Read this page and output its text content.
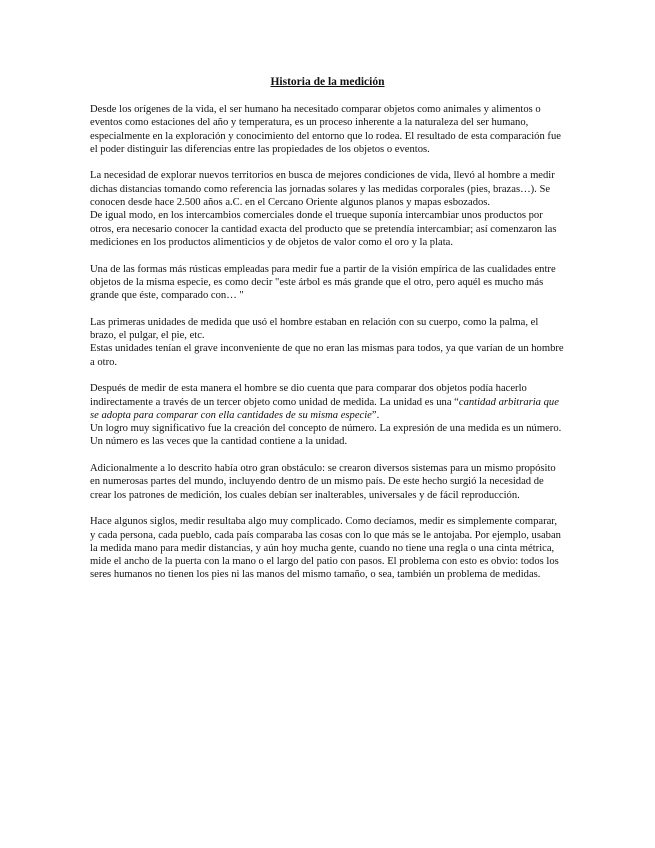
Historia de la medición

Desde los orígenes de la vida, el ser humano ha necesitado comparar objetos como animales y alimentos o eventos como estaciones del año y temperatura, es un proceso inherente a la naturaleza del ser humano, especialmente en la exploración y conocimiento del entorno que lo rodea. El resultado de esta comparación fue el poder distinguir las diferencias entre las propiedades de los objetos o eventos.

La necesidad de explorar nuevos territorios en busca de mejores condiciones de vida, llevó al hombre a medir dichas distancias tomando como referencia las jornadas solares y las medidas corporales (pies, brazas…). Se conocen desde hace 2.500 años a.C. en el Cercano Oriente algunos planos y mapas esbozados.

De igual modo, en los intercambios comerciales donde el trueque suponía intercambiar unos productos por otros, era necesario conocer la cantidad exacta del producto que se pretendía intercambiar; así comenzaron las mediciones en los productos alimenticios y de objetos de valor como el oro y la plata.

Una de las formas más rústicas empleadas para medir fue a partir de la visión empírica de las cualidades entre objetos de la misma especie, es como decir "este árbol es más grande que el otro, pero aquél es mucho más grande que éste, comparado con… "

Las primeras unidades de medida que usó el hombre estaban en relación con su cuerpo, como la palma, el brazo, el pulgar, el pie, etc.

Estas unidades tenían el grave inconveniente de que no eran las mismas para todos, ya que varían de un hombre a otro.

Después de medir de esta manera el hombre se dio cuenta que para comparar dos objetos podía hacerlo indirectamente a través de un tercer objeto como unidad de medida. La unidad es una “cantidad arbitraria que se adopta para comparar con ella cantidades de su misma especie”.

Un logro muy significativo fue la creación del concepto de número. La expresión de una medida es un número. Un número es las veces que la cantidad contiene a la unidad.

Adicionalmente a lo descrito había otro gran obstáculo: se crearon diversos sistemas para un mismo propósito en numerosas partes del mundo, incluyendo dentro de un mismo país. De este hecho surgió la necesidad de crear los patrones de medición, los cuales debían ser inalterables, universales y de fácil reproducción.

Hace algunos siglos, medir resultaba algo muy complicado. Como decíamos, medir es simplemente comparar, y cada persona, cada pueblo, cada país comparaba las cosas con lo que más se le antojaba. Por ejemplo, usaban la medida mano para medir distancias, y aún hoy mucha gente, cuando no tiene una regla o una cinta métrica, mide el ancho de la puerta con la mano o el largo del patio con pasos. El problema con esto es obvio: todos los seres humanos no tienen los pies ni las manos del mismo tamaño, o sea, también un problema de medidas.
